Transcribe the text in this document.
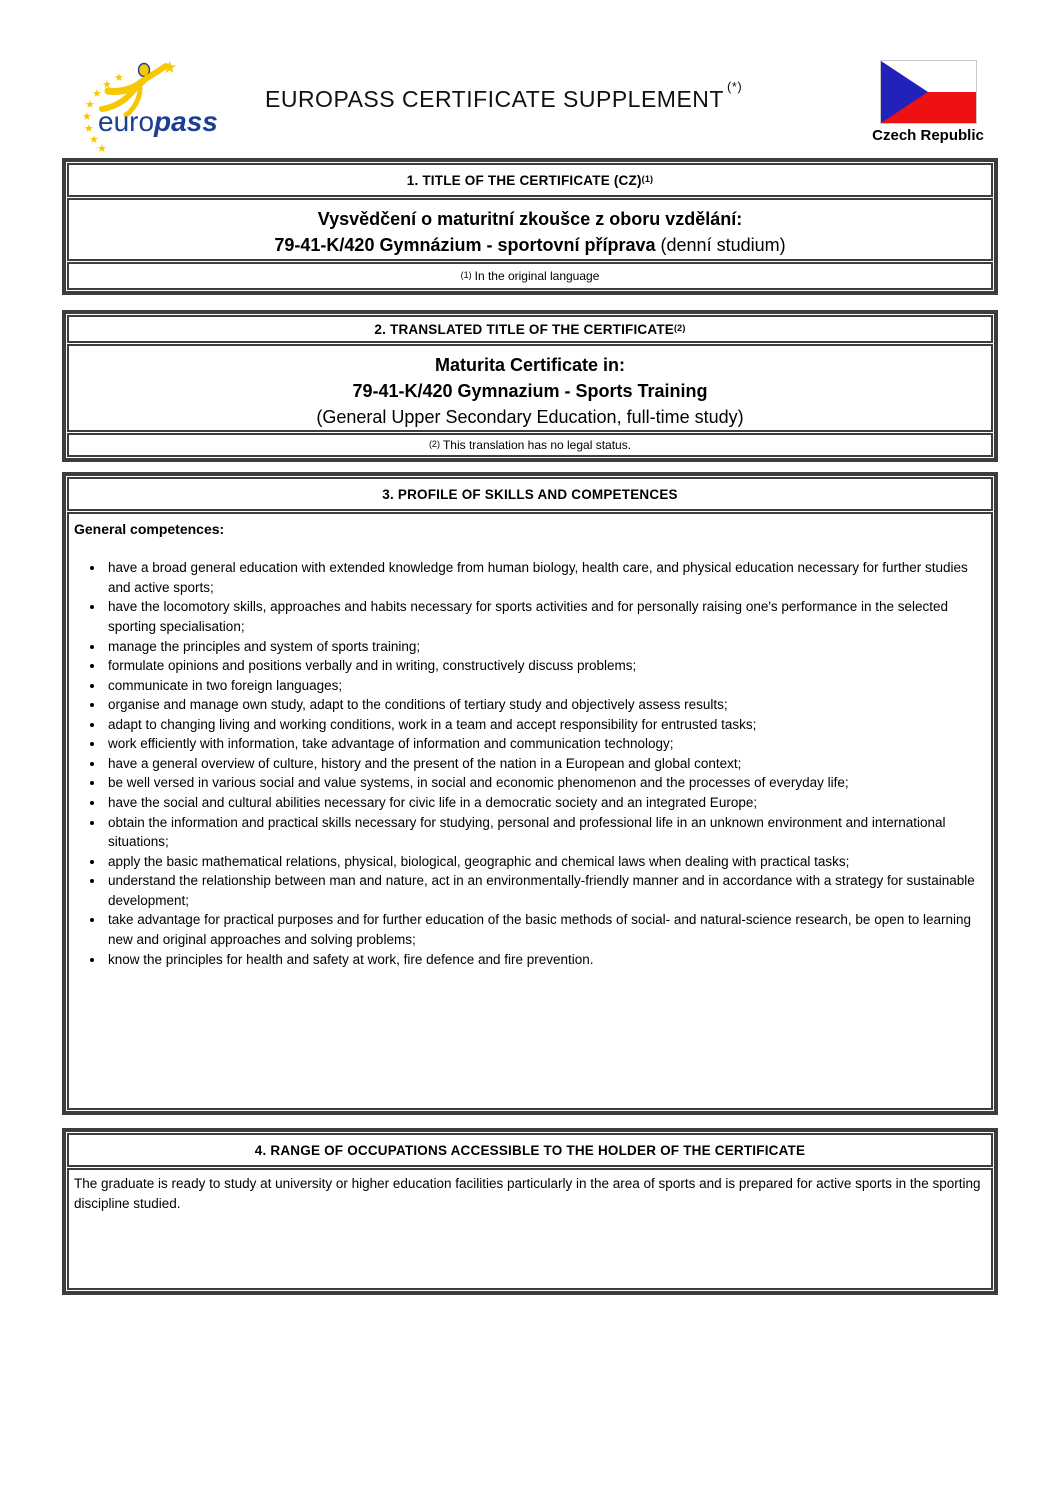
★
★
★
★
★
★
★
★
★
europass
EUROPASS CERTIFICATE SUPPLEMENT (*)
Czech Republic
1. TITLE OF THE CERTIFICATE (CZ)$^{(1)}$
Vysvědčení o maturitní zkoušce z oboru vzdělání:
79-41-K/420 Gymnázium - sportovní příprava (denní studium)
$^{(1)}$ In the original language
2. TRANSLATED TITLE OF THE CERTIFICATE$^{(2)}$
Maturita Certificate in:
79-41-K/420 Gymnazium - Sports Training
(General Upper Secondary Education, full-time study)
$^{(2)}$ This translation has no legal status.
3. PROFILE OF SKILLS AND COMPETENCES

General competences:

• have a broad general education with extended knowledge from human biology, health care, and physical education necessary for further studies and active sports;
• have the locomotory skills, approaches and habits necessary for sports activities and for personally raising one's performance in the selected sporting specialisation;
• manage the principles and system of sports training;
• formulate opinions and positions verbally and in writing, constructively discuss problems;
• communicate in two foreign languages;
• organise and manage own study, adapt to the conditions of tertiary study and objectively assess results;
• adapt to changing living and working conditions, work in a team and accept responsibility for entrusted tasks;
• work efficiently with information, take advantage of information and communication technology;
• have a general overview of culture, history and the present of the nation in a European and global context;
• be well versed in various social and value systems, in social and economic phenomenon and the processes of everyday life;
• have the social and cultural abilities necessary for civic life in a democratic society and an integrated Europe;
• obtain the information and practical skills necessary for studying, personal and professional life in an unknown environment and international situations;
• apply the basic mathematical relations, physical, biological, geographic and chemical laws when dealing with practical tasks;
• understand the relationship between man and nature, act in an environmentally-friendly manner and in accordance with a strategy for sustainable development;
• take advantage for practical purposes and for further education of the basic methods of social- and natural-science research, be open to learning new and original approaches and solving problems;
• know the principles for health and safety at work, fire defence and fire prevention.
4. RANGE OF OCCUPATIONS ACCESSIBLE TO THE HOLDER OF THE CERTIFICATE
The graduate is ready to study at university or higher education facilities particularly in the area of sports and is prepared for active sports in the sporting discipline studied.
